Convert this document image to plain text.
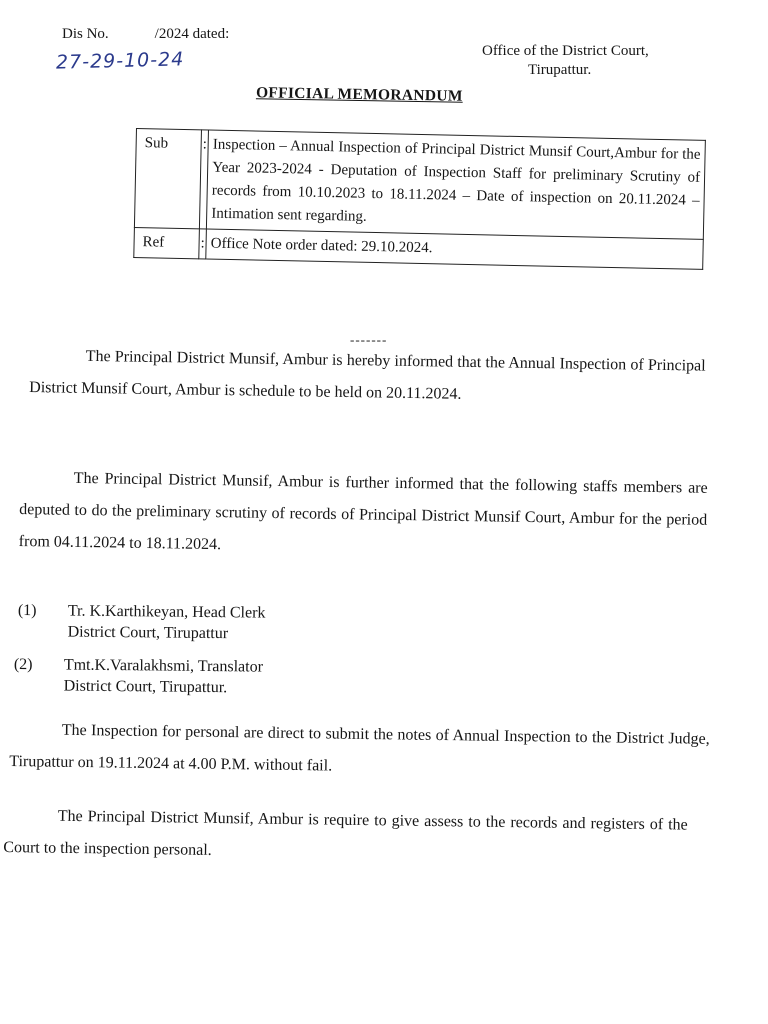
Dis No.	/2024 dated:
27-29-10-24	Office of the District Court,
Tirupattur.
OFFICIAL MEMORANDUM
Sub	:	Inspection – Annual Inspection of Principal District Munsif Court,Ambur for the Year 2023-2024 - Deputation of Inspection Staff for preliminary Scrutiny of records from 10.10.2023 to 18.11.2024 – Date of inspection on 20.11.2024 – Intimation sent regarding.
Ref	:	Office Note order dated: 29.10.2024.
-------
The Principal District Munsif, Ambur is hereby informed that the Annual Inspection of Principal District Munsif Court, Ambur is schedule to be held on 20.11.2024.
The Principal District Munsif, Ambur is further informed that the following staffs members are deputed to do the preliminary scrutiny of records of Principal District Munsif Court, Ambur for the period from 04.11.2024 to 18.11.2024.
(1) Tr. K.Karthikeyan, Head Clerk
District Court, Tirupattur
(2) Tmt.K.Varalakhsmi, Translator
District Court, Tirupattur.
The Inspection for personal are direct to submit the notes of Annual Inspection to the District Judge, Tirupattur on 19.11.2024 at 4.00 P.M. without fail.
The Principal District Munsif, Ambur is require to give assess to the records and registers of the Court to the inspection personal.
